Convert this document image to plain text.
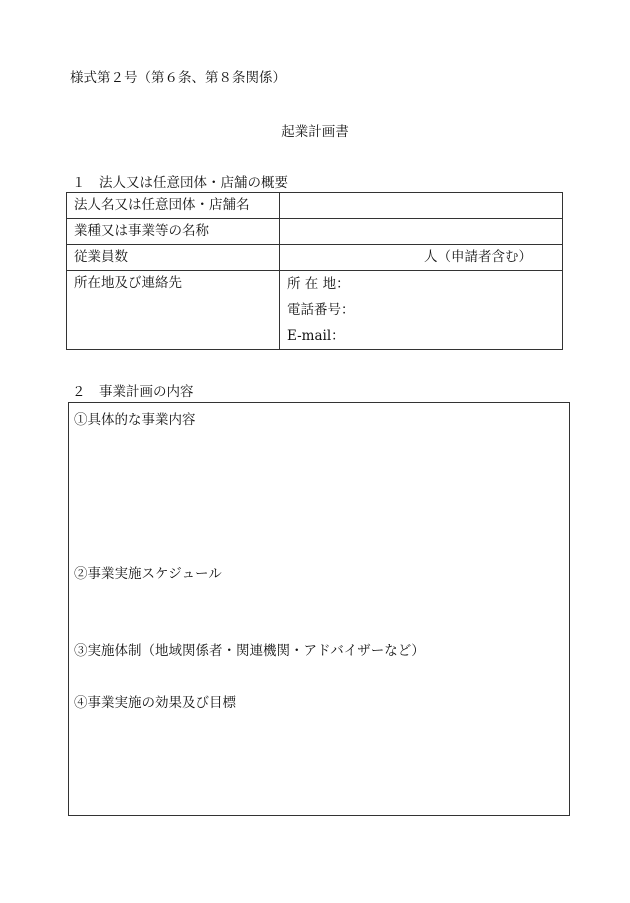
様式第２号（第６条、第８条関係）
起業計画書
１　法人又は任意団体・店舗の概要
法人名又は任意団体・店舗名	
業種又は事業等の名称	
従業員数	人（申請者含む）
所在地及び連絡先	所 在 地：
電話番号：
E-mail：
２　事業計画の内容
①具体的な事業内容
②事業実施スケジュール
③実施体制（地域関係者・関連機関・アドバイザーなど）
④事業実施の効果及び目標
